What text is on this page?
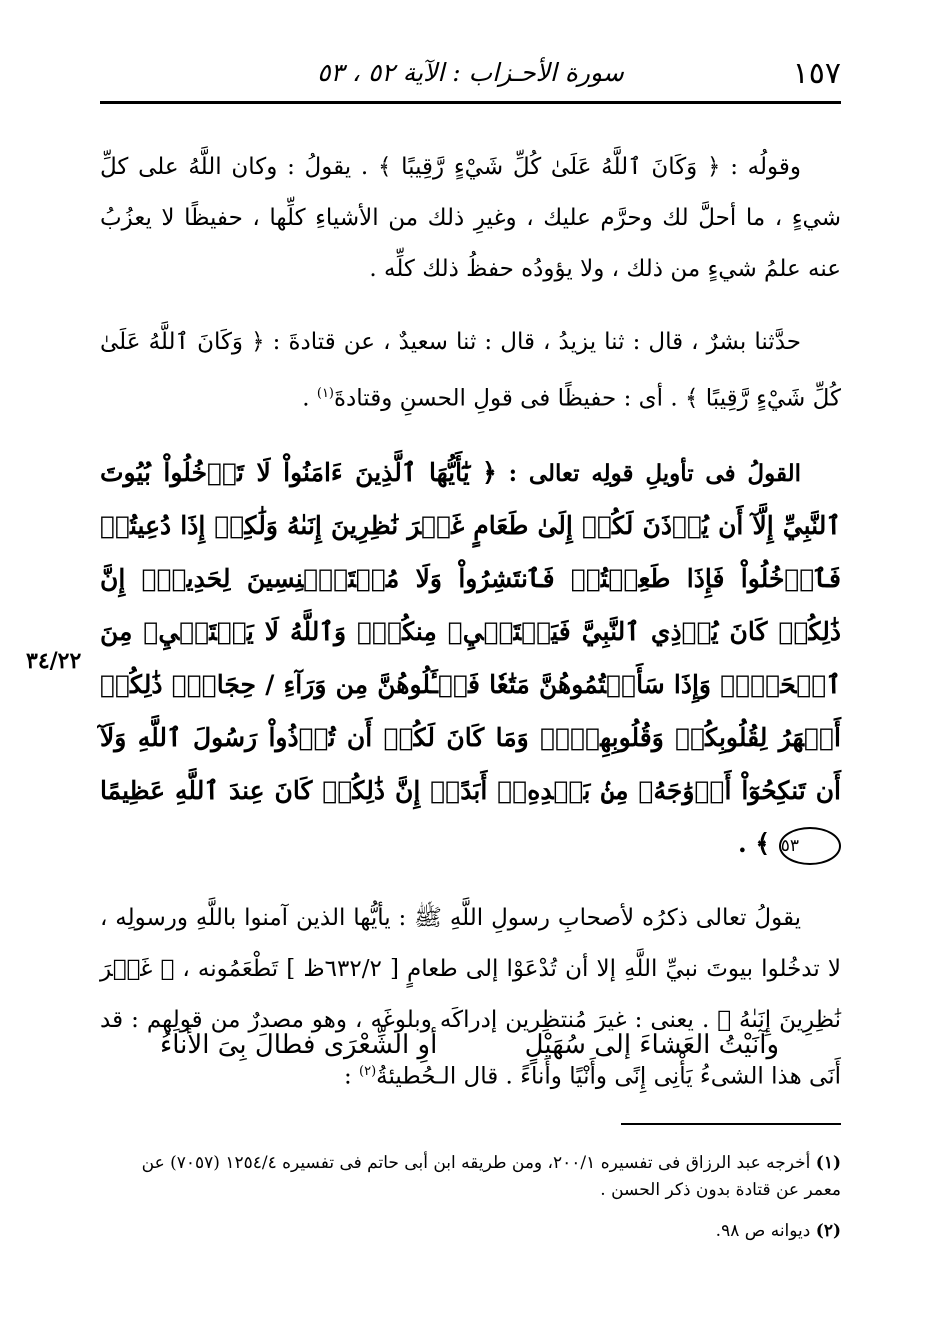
١٥٧
سورة الأحـزاب : الآية ٥٢ ، ٥٣

وقولُه : ﴿ وَكَانَ ٱللَّهُ عَلَىٰ كُلِّ شَيْءٍ رَّقِيبًا ﴾ . يقولُ : وكان اللَّهُ على كلِّ شيءٍ ، ما أحلَّ لك وحرَّم عليك ، وغيرِ ذلك من الأشياءِ كلِّها ، حفيظًا لا يعزُبُ عنه علمُ شيءٍ من ذلك ، ولا يؤودُه حفظُ ذلك كلِّه .

حدَّثنا بشرٌ ، قال : ثنا يزيدُ ، قال : ثنا سعيدٌ ، عن قتادةَ : ﴿ وَكَانَ ٱللَّهُ عَلَىٰ كُلِّ شَيْءٍ رَّقِيبًا ﴾ . أى : حفيظًا فى قولِ الحسنِ وقتادةَ$^{(١)}$ .

القولُ فى تأويلِ قولِه تعالى : ﴿ يَٰٓأَيُّهَا ٱلَّذِينَ ءَامَنُواْ لَا تَدۡخُلُواْ بُيُوتَ ٱلنَّبِيِّ إِلَّآ أَن يُؤۡذَنَ لَكُمۡ إِلَىٰ طَعَامٍ غَيۡرَ نَٰظِرِينَ إِنَىٰهُ وَلَٰكِنۡ إِذَا دُعِيتُمۡ فَٱدۡخُلُواْ فَإِذَا طَعِمۡتُمۡ فَٱنتَشِرُواْ وَلَا مُسۡتَـٔۡنِسِينَ لِحَدِيثٍۚ إِنَّ ذَٰلِكُمۡ كَانَ يُؤۡذِي ٱلنَّبِيَّ فَيَسۡتَحۡيِۦ مِنكُمۡۖ وَٱللَّهُ لَا يَسۡتَحۡيِۦ مِنَ ٱلۡحَقِّۚ وَإِذَا سَأَلۡتُمُوهُنَّ مَتَٰعٗا فَسۡـَٔلُوهُنَّ مِن وَرَآءِ / حِجَابٖۚ ذَٰلِكُمۡ أَطۡهَرُ لِقُلُوبِكُمۡ وَقُلُوبِهِنَّۚ وَمَا كَانَ لَكُمۡ أَن تُؤۡذُواْ رَسُولَ ٱللَّهِ وَلَآ أَن تَنكِحُوٓاْ أَزۡوَٰجَهُۥ مِنۢ بَعۡدِهِۦٓ أَبَدًاۚ إِنَّ ذَٰلِكُمۡ كَانَ عِندَ ٱللَّهِ عَظِيمًا ٥٣ ﴾ .

يقولُ تعالى ذكرُه لأصحابِ رسولِ اللَّهِ ﷺ : يأيُّها الذين آمنوا باللَّهِ ورسولِه ، لا تدخُلوا بيوتَ نبيِّ اللَّهِ إلا أن تُدْعَوْا إلى طعامٍ [ ٦٣٢/٢ظ ] تَطْعَمُونه ، ﴿ غَيۡرَ نَٰظِرِينَ إِنَىٰهُ ﴾ . يعنى : غيرَ مُنتظِرين إدراكَه وبلوغَه ، وهو مصدرٌ من قولِهم : قد أَنَى هذا الشىءُ يَأْنِى إِنًى وأَنْيًا وأَناءً . قال الـحُطيئةُ$^{(٢)}$ :

٣٤/٢٢
وآنَيْتُ العَشاءَ إلى سُهَيْلٍ
أوِ الشِّعْرَى فطالَ بِىَ الأَناءُ

(١) أخرجه عبد الرزاق فى تفسيره ٢٠٠/١، ومن طريقه ابن أبى حاتم فى تفسيره ١٢٥٤/٤ (٧٠٥٧) عن معمر عن قتادة بدون ذكر الحسن .

(٢) ديوانه ص ٩٨.
